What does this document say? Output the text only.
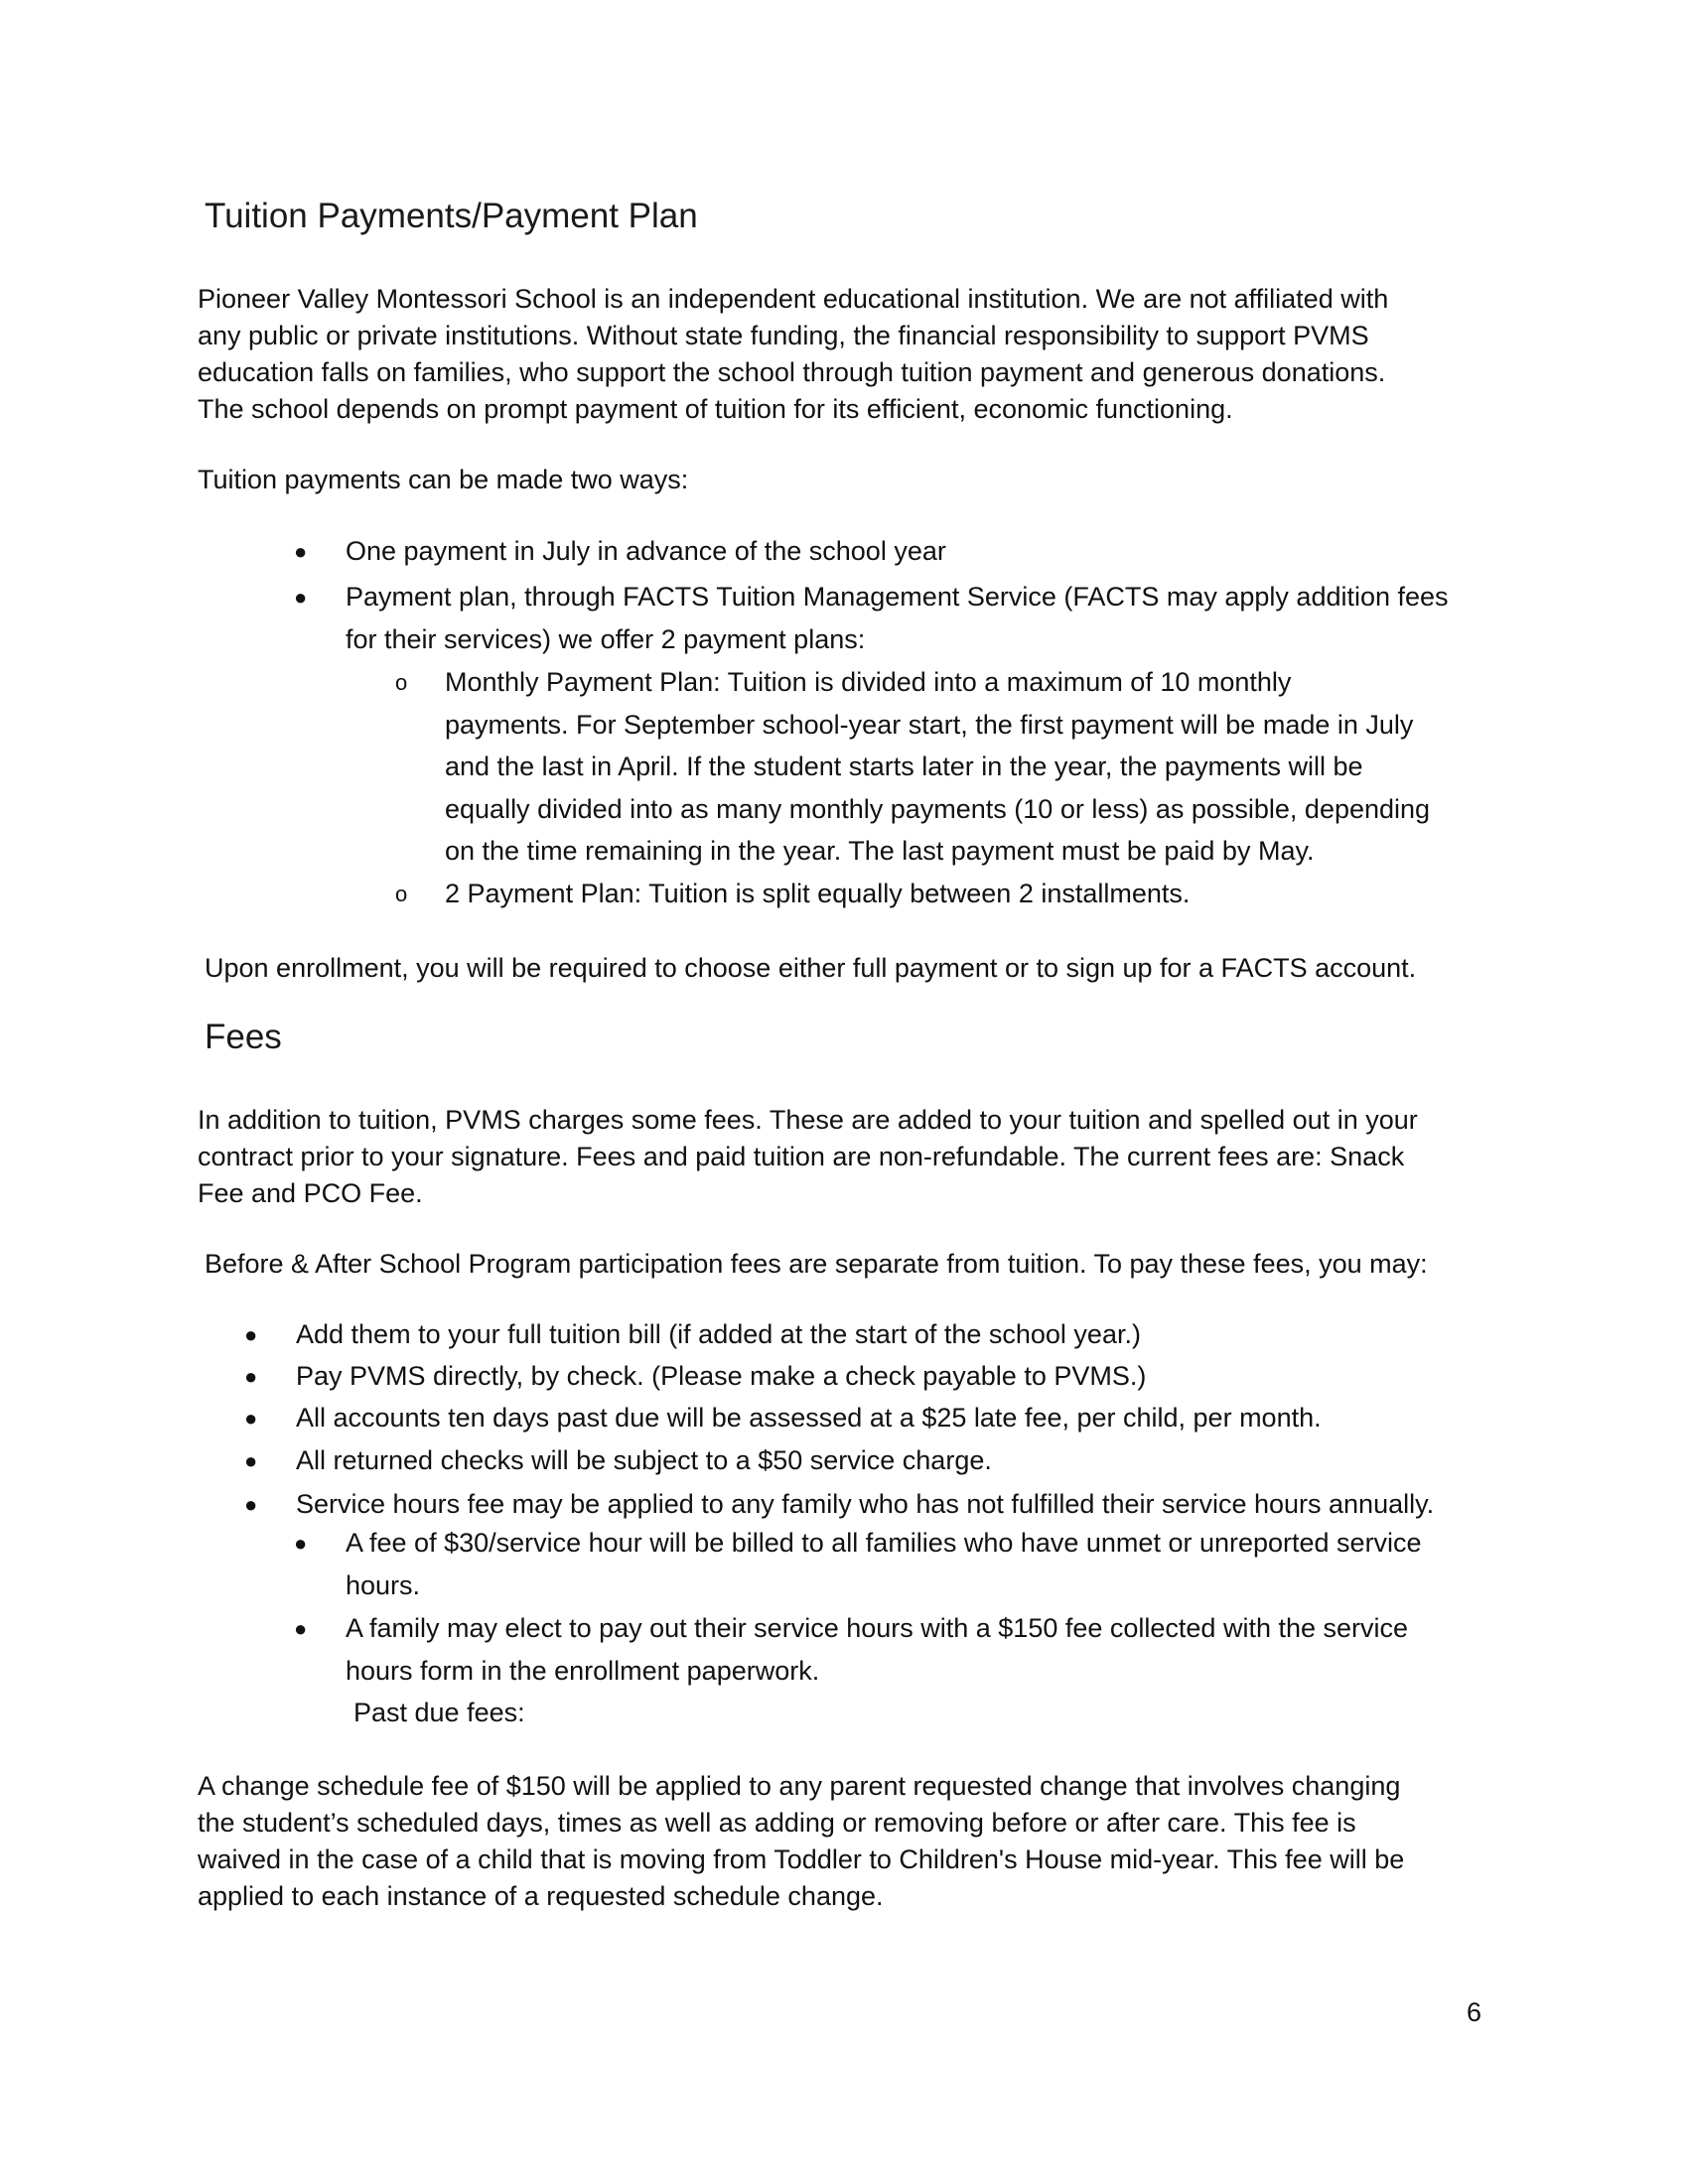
Tuition Payments/Payment Plan
Pioneer Valley Montessori School is an independent educational institution. We are not affiliated with
any public or private institutions. Without state funding, the financial responsibility to support PVMS
education falls on families, who support the school through tuition payment and generous donations.
The school depends on prompt payment of tuition for its efficient, economic functioning.
Tuition payments can be made two ways:
● One payment in July in advance of the school year
● Payment plan, through FACTS Tuition Management Service (FACTS may apply addition fees
for their services) we offer 2 payment plans:
o Monthly Payment Plan: Tuition is divided into a maximum of 10 monthly
payments. For September school-year start, the first payment will be made in July
and the last in April. If the student starts later in the year, the payments will be
equally divided into as many monthly payments (10 or less) as possible, depending
on the time remaining in the year. The last payment must be paid by May.
o 2 Payment Plan: Tuition is split equally between 2 installments.
Upon enrollment, you will be required to choose either full payment or to sign up for a FACTS account.
Fees
In addition to tuition, PVMS charges some fees. These are added to your tuition and spelled out in your
contract prior to your signature. Fees and paid tuition are non-refundable. The current fees are: Snack
Fee and PCO Fee.
Before & After School Program participation fees are separate from tuition. To pay these fees, you may:
● Add them to your full tuition bill (if added at the start of the school year.)
● Pay PVMS directly, by check. (Please make a check payable to PVMS.)
● All accounts ten days past due will be assessed at a $25 late fee, per child, per month.
● All returned checks will be subject to a $50 service charge.
● Service hours fee may be applied to any family who has not fulfilled their service hours annually.
● A fee of $30/service hour will be billed to all families who have unmet or unreported service
hours.
● A family may elect to pay out their service hours with a $150 fee collected with the service
hours form in the enrollment paperwork.
Past due fees:
A change schedule fee of $150 will be applied to any parent requested change that involves changing
the student’s scheduled days, times as well as adding or removing before or after care. This fee is
waived in the case of a child that is moving from Toddler to Children's House mid-year. This fee will be
applied to each instance of a requested schedule change.
6
